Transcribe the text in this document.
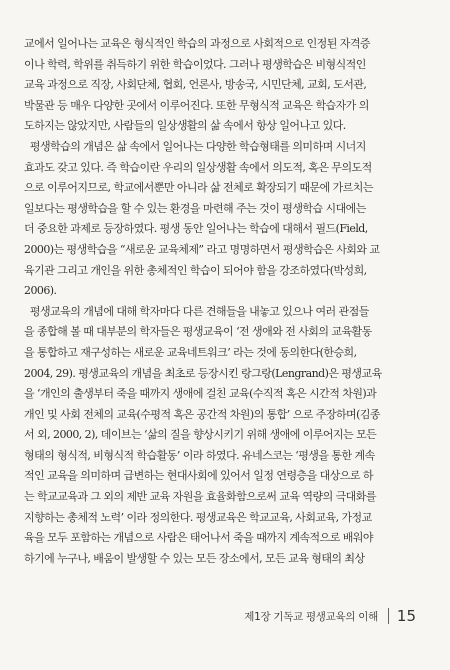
교에서 일어나는 교육은 형식적인 학습의 과정으로 사회적으로 인정된 자격증
이나 학력, 학위를 취득하기 위한 학습이었다. 그러나 평생학습은 비형식적인
교육 과정으로 직장, 사회단체, 협회, 언론사, 방송국, 시민단체, 교회, 도서관,
박물관 등 매우 다양한 곳에서 이루어진다. 또한 무형식적 교육은 학습자가 의
도하지는 않았지만, 사람들의 일상생활의 삶 속에서 항상 일어나고 있다.
평생학습의 개념은 삶 속에서 일어나는 다양한 학습형태를 의미하며 시너지
효과도 갖고 있다. 즉 학습이란 우리의 일상생활 속에서 의도적, 혹은 무의도적
으로 이루어지므로, 학교에서뿐만 아니라 삶 전체로 확장되기 때문에 가르치는
일보다는 평생학습을 할 수 있는 환경을 마련해 주는 것이 평생학습 시대에는
더 중요한 과제로 등장하였다. 평생 동안 일어나는 학습에 대해서 필드(Field,
2000)는 평생학습을 “새로운 교육체제” 라고 명명하면서 평생학습은 사회와 교
육기관 그리고 개인을 위한 총체적인 학습이 되어야 함을 강조하였다(박성희,
2006).
평생교육의 개념에 대해 학자마다 다른 견해들을 내놓고 있으나 여러 관점들
을 종합해 볼 때 대부분의 학자들은 평생교육이 ‘전 생애와 전 사회의 교육활동
을 통합하고 재구성하는 새로운 교육네트워크’ 라는 것에 동의한다(한승희,
2004, 29). 평생교육의 개념을 최초로 등장시킨 랑그랑(Lengrand)은 평생교육
을 ‘개인의 출생부터 죽을 때까지 생애에 걸친 교육(수직적 혹은 시간적 차원)과
개인 및 사회 전체의 교육(수평적 혹은 공간적 차원)의 통합’ 으로 주장하며(김종
서 외, 2000, 2), 데이브는 ‘삶의 질을 향상시키기 위해 생애에 이루어지는 모든
형태의 형식적, 비형식적 학습활동’ 이라 하였다. 유네스코는 ‘평생을 통한 계속
적인 교육을 의미하며 급변하는 현대사회에 있어서 일정 연령층을 대상으로 하
는 학교교육과 그 외의 제반 교육 자원을 효율화함으로써 교육 역량의 극대화를
지향하는 총체적 노력’ 이라 정의한다. 평생교육은 학교교육, 사회교육, 가정교
육을 모두 포함하는 개념으로 사람은 태어나서 죽을 때까지 계속적으로 배워야
하기에 누구나, 배움이 발생할 수 있는 모든 장소에서, 모든 교육 형태의 최상
제1장 기독교 평생교육의 이해 15
